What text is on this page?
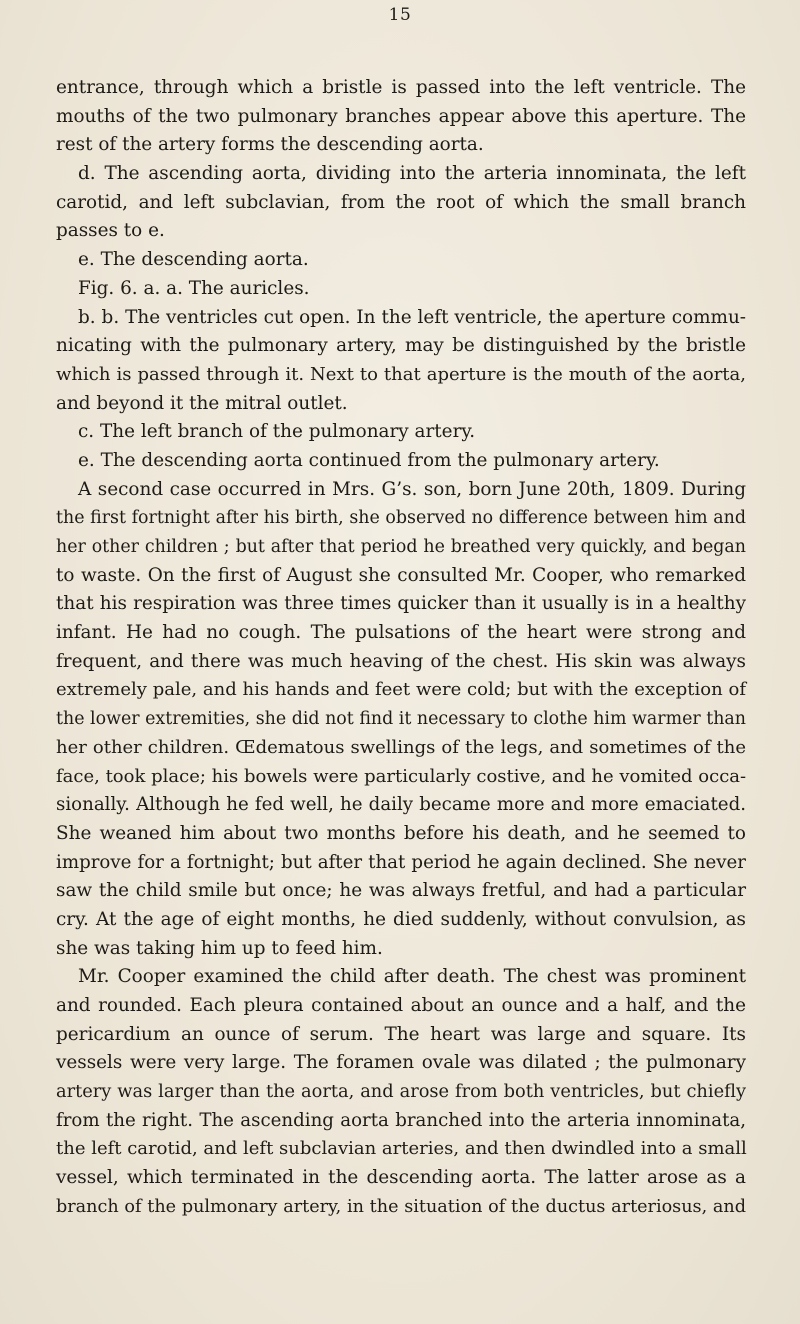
15
entrance, through which a bristle is passed into the left ventricle. The
mouths of the two pulmonary branches appear above this aperture. The
rest of the artery forms the descending aorta.
d. The ascending aorta, dividing into the arteria innominata, the left
carotid, and left subclavian, from the root of which the small branch
passes to e.
e. The descending aorta.
Fig. 6. a. a. The auricles.
b. b. The ventricles cut open. In the left ventricle, the aperture commu-
nicating with the pulmonary artery, may be distinguished by the bristle
which is passed through it. Next to that aperture is the mouth of the aorta,
and beyond it the mitral outlet.
c. The left branch of the pulmonary artery.
e. The descending aorta continued from the pulmonary artery.
A second case occurred in Mrs. G’s. son, born June 20th, 1809. During
the first fortnight after his birth, she observed no difference between him and
her other children ; but after that period he breathed very quickly, and began
to waste. On the first of August she consulted Mr. Cooper, who remarked
that his respiration was three times quicker than it usually is in a healthy
infant. He had no cough. The pulsations of the heart were strong and
frequent, and there was much heaving of the chest. His skin was always
extremely pale, and his hands and feet were cold; but with the exception of
the lower extremities, she did not find it necessary to clothe him warmer than
her other children. Œdematous swellings of the legs, and sometimes of the
face, took place; his bowels were particularly costive, and he vomited occa-
sionally. Although he fed well, he daily became more and more emaciated.
She weaned him about two months before his death, and he seemed to
improve for a fortnight; but after that period he again declined. She never
saw the child smile but once; he was always fretful, and had a particular
cry. At the age of eight months, he died suddenly, without convulsion, as
she was taking him up to feed him.
Mr. Cooper examined the child after death. The chest was prominent
and rounded. Each pleura contained about an ounce and a half, and the
pericardium an ounce of serum. The heart was large and square. Its
vessels were very large. The foramen ovale was dilated ; the pulmonary
artery was larger than the aorta, and arose from both ventricles, but chiefly
from the right. The ascending aorta branched into the arteria innominata,
the left carotid, and left subclavian arteries, and then dwindled into a small
vessel, which terminated in the descending aorta. The latter arose as a
branch of the pulmonary artery, in the situation of the ductus arteriosus, and
